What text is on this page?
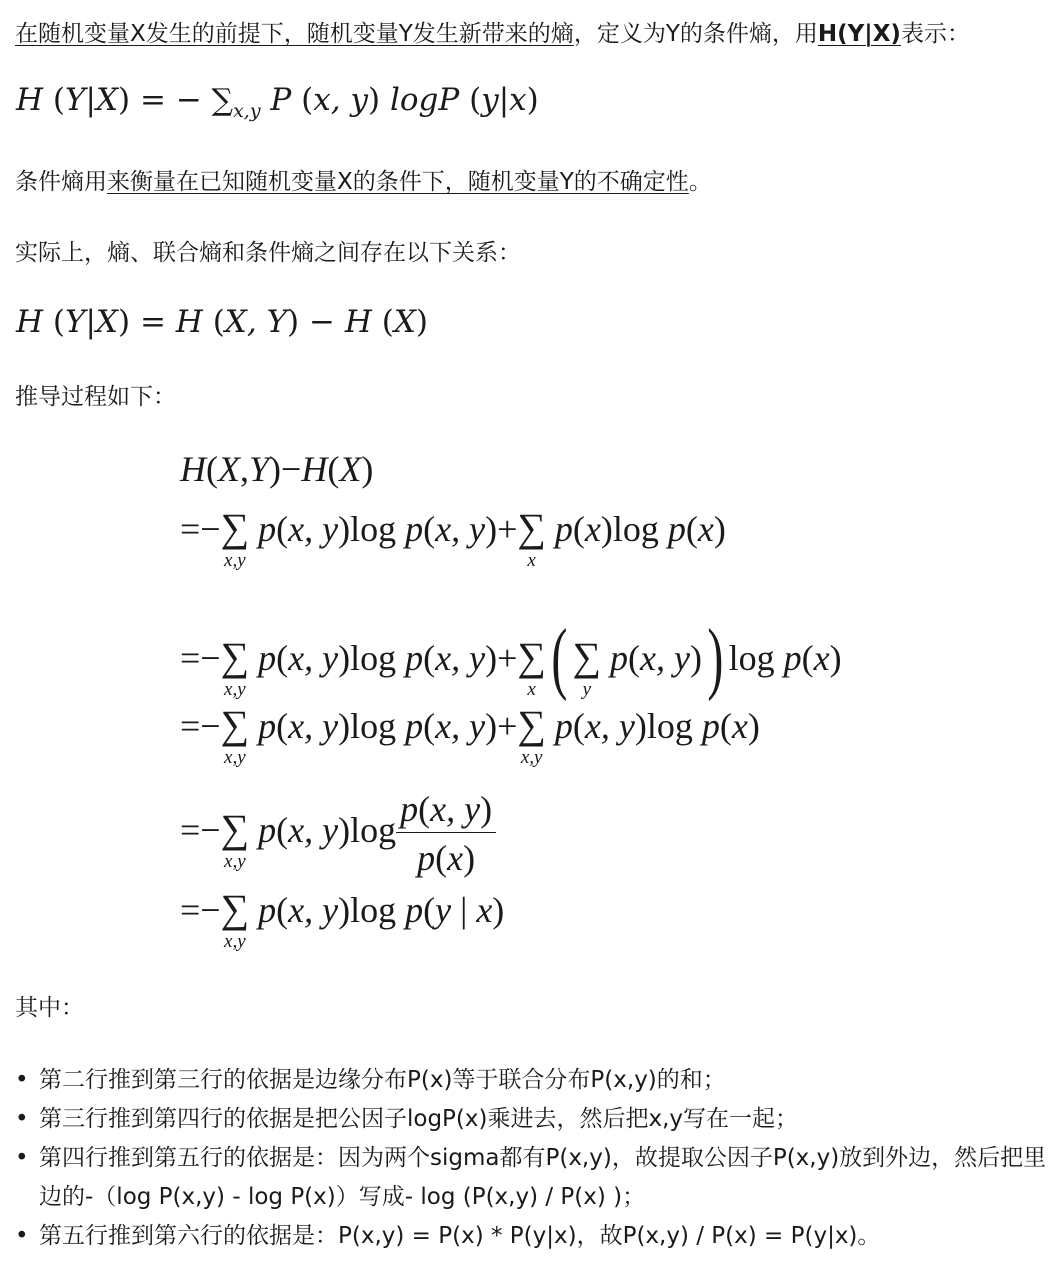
在随机变量X发生的前提下，随机变量Y发生新带来的熵，定义为Y的条件熵，用H(Y|X)表示：
H (Y|X) = − $\sum_{x,y}$ P (x, y) logP (y|x)
条件熵用来衡量在已知随机变量X的条件下，随机变量Y的不确定性。
实际上，熵、联合熵和条件熵之间存在以下关系：
H (Y|X) = H (X, Y) − H (X)
推导过程如下：
H(X,Y)−H(X)
=−∑
x,y
p(x, y)log p(x, y)+∑
x
p(x)log p(x)
=−∑
x,y
p(x, y)log p(x, y)+∑
x ( ∑
y
p(x, y)) log p(x)
=−∑
x,y
p(x, y)log p(x, y)+∑
x,y
p(x, y)log p(x)
=−∑
x,y
p(x, $y)\log \frac{p(x, y)}{p(x)}$
=−∑
x,y
p(x, y)log p(y | x)
其中：
• 第二行推到第三行的依据是边缘分布P(x)等于联合分布P(x,y)的和；
• 第三行推到第四行的依据是把公因子logP(x)乘进去，然后把x,y写在一起；
• 第四行推到第五行的依据是：因为两个sigma都有P(x,y)，故提取公因子P(x,y)放到外边，然后把里边的-（log P(x,y) - log P(x)）写成- log (P(x,y) / P(x) )；
• 第五行推到第六行的依据是：P(x,y) = P(x) * P(y|x)，故P(x,y) / P(x) = P(y|x)。
